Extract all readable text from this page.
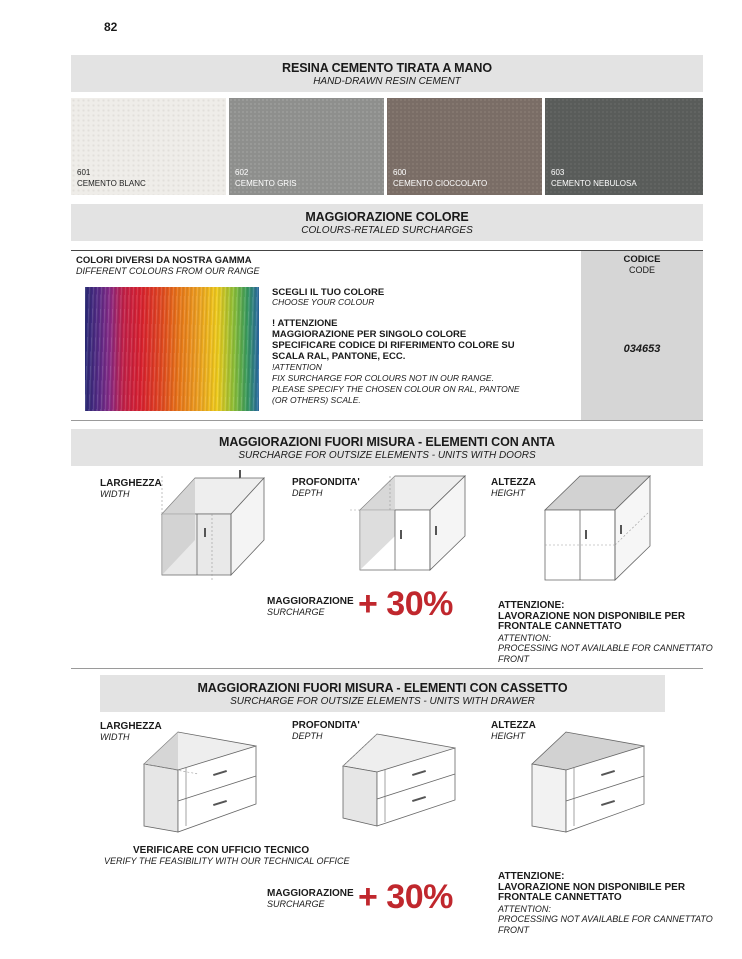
82
RESINA CEMENTO TIRATA A MANO
HAND-DRAWN RESIN CEMENT
601
CEMENTO BLANC
602
CEMENTO GRIS
600
CEMENTO CIOCCOLATO
603
CEMENTO NEBULOSA
MAGGIORAZIONE COLORE
COLOURS-RETALED SURCHARGES
COLORI DIVERSI DA NOSTRA GAMMA
DIFFERENT COLOURS FROM OUR RANGE
CODICE
CODE
SCEGLI IL TUO COLORE
CHOOSE YOUR COLOUR
! ATTENZIONE
MAGGIORAZIONE PER SINGOLO COLORE
SPECIFICARE CODICE DI RIFERIMENTO COLORE SU
SCALA RAL, PANTONE, ECC.
!ATTENTION
FIX SURCHARGE FOR COLOURS NOT IN OUR RANGE.
PLEASE SPECIFY THE CHOSEN COLOUR ON RAL, PANTONE
(OR OTHERS) SCALE.
034653
MAGGIORAZIONI FUORI MISURA - ELEMENTI CON ANTA
SURCHARGE FOR OUTSIZE ELEMENTS - UNITS WITH DOORS
LARGHEZZA
WIDTH
PROFONDITA'
DEPTH
ALTEZZA
HEIGHT
MAGGIORAZIONE
SURCHARGE + 30%	ATTENZIONE:
LAVORAZIONE NON DISPONIBILE PER
FRONTALE CANNETTATO
ATTENTION:
PROCESSING NOT AVAILABLE FOR CANNETTATO
FRONT
MAGGIORAZIONI FUORI MISURA - ELEMENTI CON CASSETTO
SURCHARGE FOR OUTSIZE ELEMENTS - UNITS WITH DRAWER
LARGHEZZA
WIDTH
PROFONDITA'
DEPTH
ALTEZZA
HEIGHT
VERIFICARE CON UFFICIO TECNICO
VERIFY THE FEASIBILITY WITH OUR TECHNICAL OFFICE
MAGGIORAZIONE
SURCHARGE + 30%
ATTENZIONE:
LAVORAZIONE NON DISPONIBILE PER
FRONTALE CANNETTATO
ATTENTION:
PROCESSING NOT AVAILABLE FOR CANNETTATO
FRONT
